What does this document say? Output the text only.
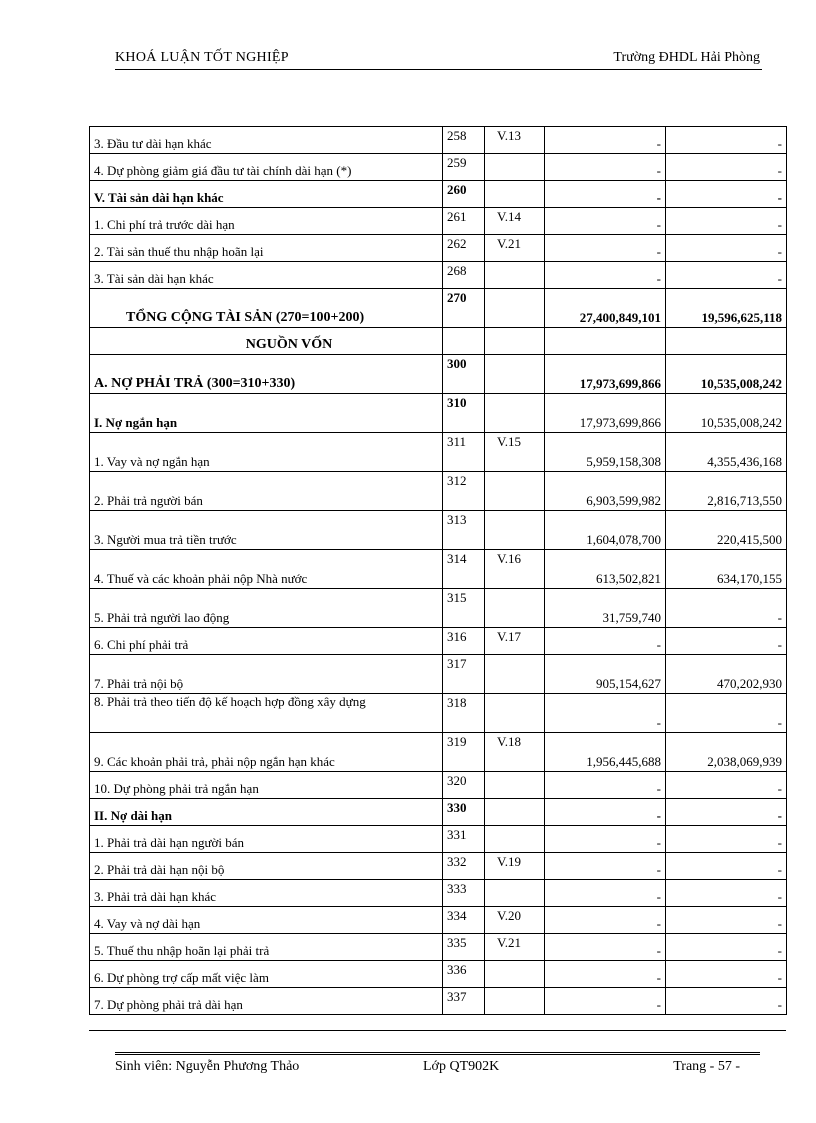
KHOÁ LUẬN TỐT NGHIỆP	Trường ĐHDL Hải Phòng
3. Đầu tư dài hạn khác	258	V.13	-	-
4. Dự phòng giảm giá đầu tư tài chính dài hạn (*)	259		-	-
V. Tài sản dài hạn khác	260		-	-
1. Chi phí trả trước dài hạn	261	V.14	-	-
2. Tài sản thuế thu nhập hoãn lại	262	V.21	-	-
3. Tài sản dài hạn khác	268		-	-
TỔNG CỘNG TÀI SẢN (270=100+200)	270		27,400,849,101	19,596,625,118
NGUỒN VỐN				
A. NỢ PHẢI TRẢ (300=310+330)	300		17,973,699,866	10,535,008,242
I. Nợ ngắn hạn	310		17,973,699,866	10,535,008,242
1. Vay và nợ ngắn hạn	311	V.15	5,959,158,308	4,355,436,168
2. Phải trả người bán	312		6,903,599,982	2,816,713,550
3. Người mua trả tiền trước	313		1,604,078,700	220,415,500
4. Thuế và các khoản phải nộp Nhà nước	314	V.16	613,502,821	634,170,155
5. Phải trả người lao động	315		31,759,740	-
6. Chi phí phải trả	316	V.17	-	-
7. Phải trả nội bộ	317		905,154,627	470,202,930
8. Phải trả theo tiến độ kế hoạch hợp đồng xây dựng	318		-	-
9. Các khoản phải trả, phải nộp ngắn hạn khác	319	V.18	1,956,445,688	2,038,069,939
10. Dự phòng phải trả ngắn hạn	320		-	-
II. Nợ dài hạn	330		-	-
1. Phải trả dài hạn người bán	331		-	-
2. Phải trả dài hạn nội bộ	332	V.19	-	-
3. Phải trả dài hạn khác	333		-	-
4. Vay và nợ dài hạn	334	V.20	-	-
5. Thuế thu nhập hoãn lại phải trả	335	V.21	-	-
6. Dự phòng trợ cấp mất việc làm	336		-	-
7. Dự phòng phải trả dài hạn	337		-	-
Sinh viên: Nguyễn Phương Thảo	Lớp QT902K	Trang - 57 -
